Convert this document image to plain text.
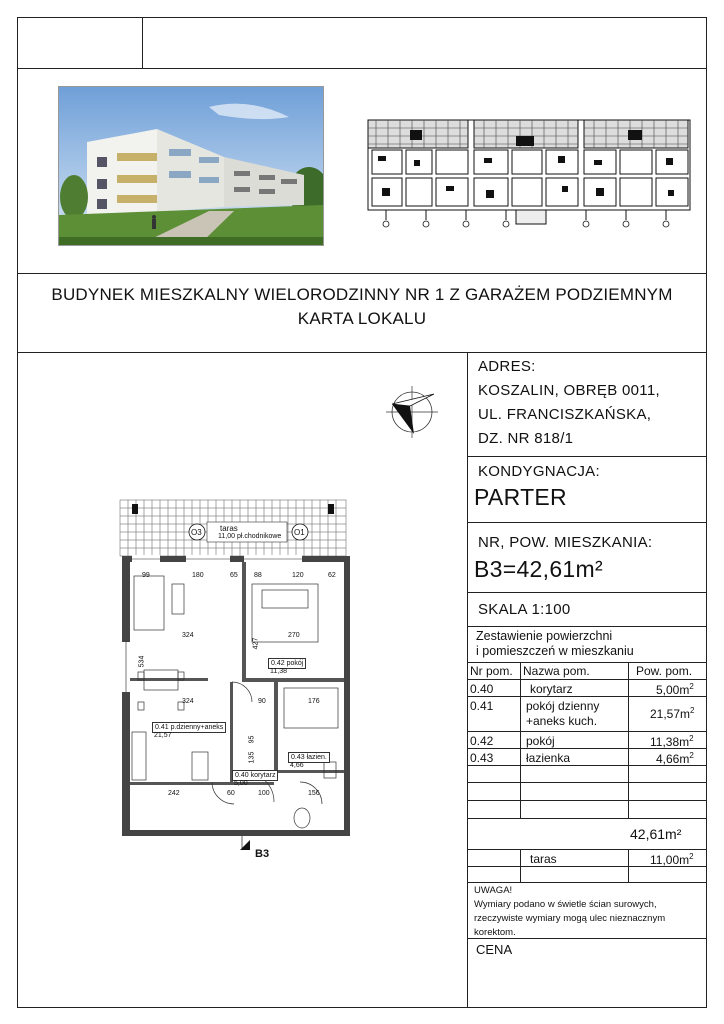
BUDYNEK MIESZKALNY WIELORODZINNY NR 1 Z GARAŻEM PODZIEMNYM
KARTA LOKALU
taras
11,00 pł.chodnikowe
O3	O1
99	180	65 88	120	62
324	270
324
534
427
0.42 pokój
11,38
90	176
0.41 p.dzienny+aneks
21,57
0.43 łazien.
4,66
95
0.40 korytarz
5,00
242	60	100	156
135
B3
ADRES:
KOSZALIN, OBRĘB 0011,
UL. FRANCISZKAŃSKA,
DZ. NR 818/1
KONDYGNACJA:
PARTER
NR, POW. MIESZKANIA:
B3=42,61m²
SKALA 1:100
Zestawienie powierzchni
i pomieszczeń w mieszkaniu
Nr pom. Nazwa pom.	Pow. pom.
0.40	korytarz	$5,00m^2$
0.41	pokój dzienny
+aneks kuch.	$21,57m^2$
0.42	pokój	$11,38m^2$
0.43	łazienka	$4,66m^2$
42,61m²
taras	$11,00m^2$
UWAGA!
Wymiary podano w świetle ścian surowych,
rzeczywiste wymiary mogą ulec nieznacznym
korektom.
CENA
